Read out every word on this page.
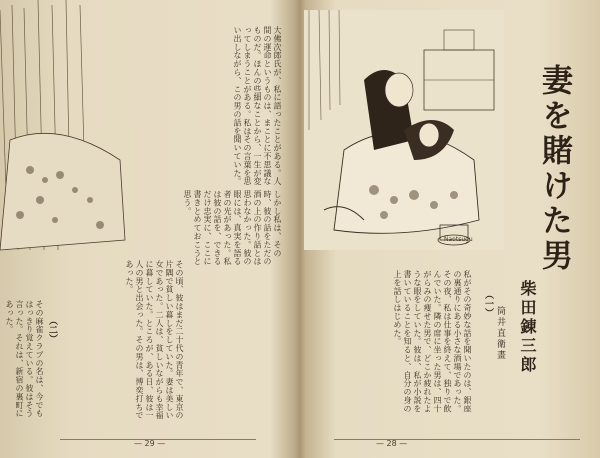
大佛次郎氏が、私に語ったことがある。人間の運命というものは、まことに不思議なものだ。ほんの些細なことから、一生が変ってしまうことがある。私はその言葉を思い出しながら、この男の話を聞いていた。
しかし私は、その時、彼の話をただの酒の上の作り話とは思わなかった。彼の眼には、真実を語る者の光があった。私は彼の話を、できるだけ忠実に、ここに書きとめておこうと思う。
その頃、彼はまだ二十代の青年で、東京の片隅で貧しい暮しをしていた。妻は美しい女であった。二人は、貧しいながらも幸福に暮していた。ところが、ある日、彼は一人の男と出会った。その男は、博奕打ちであった。
（二）
その麻雀クラブの名は、今でもはっきり覚えている。彼はそう言った。それは、新宿の裏町にあった。
— 29 —
Naotsugu 妻を賭けた男
柴田錬三郎
筒井直衛畫
（一）
私がその奇妙な話を聞いたのは、銀座の裏通りにある小さな酒場であった。その夜、私は仕事を終えて、独りで飲んでいた。隣の席に坐った男は、四十がらみの痩せた男で、どこか疲れたような眼をしていた。彼は、私が小説を書いていることを知ると、自分の身の上を話しはじめた。
— 28 —
